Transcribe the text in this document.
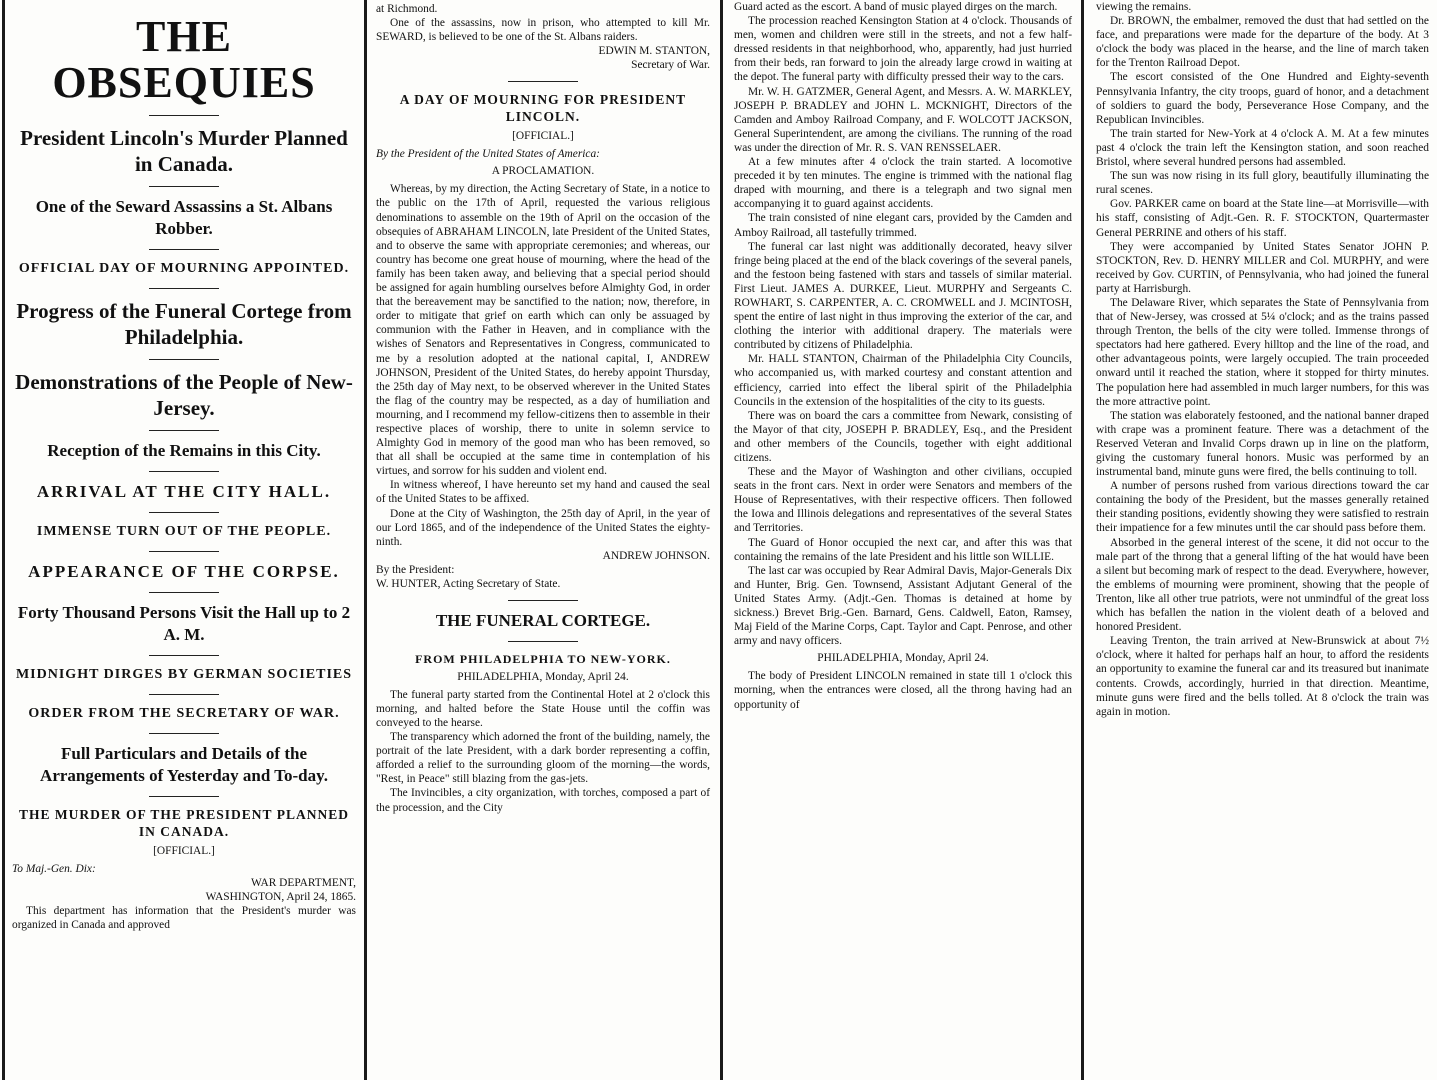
THE OBSEQUIES
President Lincoln's Murder Planned in Canada.
One of the Seward Assassins a St. Albans Robber.
OFFICIAL DAY OF MOURNING APPOINTED.
Progress of the Funeral Cortege from Philadelphia.
Demonstrations of the People of New-Jersey.
Reception of the Remains in this City.
ARRIVAL AT THE CITY HALL.
IMMENSE TURN OUT OF THE PEOPLE.
APPEARANCE OF THE CORPSE.
Forty Thousand Persons Visit the Hall up to 2 A. M.
MIDNIGHT DIRGES BY GERMAN SOCIETIES
ORDER FROM THE SECRETARY OF WAR.
Full Particulars and Details of the Arrangements of Yesterday and To-day.
THE MURDER OF THE PRESIDENT PLANNED IN CANADA.
[OFFICIAL.]

To Maj.-Gen. Dix:

WAR DEPARTMENT,

WASHINGTON, April 24, 1865.

This department has information that the President's murder was organized in Canada and approved

at Richmond.

One of the assassins, now in prison, who attempted to kill Mr. SEWARD, is believed to be one of the St. Albans raiders.

EDWIN M. STANTON,

Secretary of War.

A DAY OF MOURNING FOR PRESIDENT LINCOLN.
[OFFICIAL.]

By the President of the United States of America:

A PROCLAMATION.

Whereas, by my direction, the Acting Secretary of State, in a notice to the public on the 17th of April, requested the various religious denominations to assemble on the 19th of April on the occasion of the obsequies of ABRAHAM LINCOLN, late President of the United States, and to observe the same with appropriate ceremonies; and whereas, our country has become one great house of mourning, where the head of the family has been taken away, and believing that a special period should be assigned for again humbling ourselves before Almighty God, in order that the bereavement may be sanctified to the nation; now, therefore, in order to mitigate that grief on earth which can only be assuaged by communion with the Father in Heaven, and in compliance with the wishes of Senators and Representatives in Congress, communicated to me by a resolution adopted at the national capital, I, ANDREW JOHNSON, President of the United States, do hereby appoint Thursday, the 25th day of May next, to be observed wherever in the United States the flag of the country may be respected, as a day of humiliation and mourning, and I recommend my fellow-citizens then to assemble in their respective places of worship, there to unite in solemn service to Almighty God in memory of the good man who has been removed, so that all shall be occupied at the same time in contemplation of his virtues, and sorrow for his sudden and violent end.

In witness whereof, I have hereunto set my hand and caused the seal of the United States to be affixed.

Done at the City of Washington, the 25th day of April, in the year of our Lord 1865, and of the independence of the United States the eighty-ninth.

ANDREW JOHNSON.

By the President:

W. HUNTER, Acting Secretary of State.

THE FUNERAL CORTEGE.
FROM PHILADELPHIA TO NEW-YORK.
PHILADELPHIA, Monday, April 24.

The funeral party started from the Continental Hotel at 2 o'clock this morning, and halted before the State House until the coffin was conveyed to the hearse.

The transparency which adorned the front of the building, namely, the portrait of the late President, with a dark border representing a coffin, afforded a relief to the surrounding gloom of the morning—the words, "Rest, in Peace" still blazing from the gas-jets.

The Invincibles, a city organization, with torches, composed a part of the procession, and the City

Guard acted as the escort. A band of music played dirges on the march.

The procession reached Kensington Station at 4 o'clock. Thousands of men, women and children were still in the streets, and not a few half-dressed residents in that neighborhood, who, apparently, had just hurried from their beds, ran forward to join the already large crowd in waiting at the depot. The funeral party with difficulty pressed their way to the cars.

Mr. W. H. GATZMER, General Agent, and Messrs. A. W. MARKLEY, JOSEPH P. BRADLEY and JOHN L. MCKNIGHT, Directors of the Camden and Amboy Railroad Company, and F. WOLCOTT JACKSON, General Superintendent, are among the civilians. The running of the road was under the direction of Mr. R. S. VAN RENSSELAER.

At a few minutes after 4 o'clock the train started. A locomotive preceded it by ten minutes. The engine is trimmed with the national flag draped with mourning, and there is a telegraph and two signal men accompanying it to guard against accidents.

The train consisted of nine elegant cars, provided by the Camden and Amboy Railroad, all tastefully trimmed.

The funeral car last night was additionally decorated, heavy silver fringe being placed at the end of the black coverings of the several panels, and the festoon being fastened with stars and tassels of similar material. First Lieut. JAMES A. DURKEE, Lieut. MURPHY and Sergeants C. ROWHART, S. CARPENTER, A. C. CROMWELL and J. MCINTOSH, spent the entire of last night in thus improving the exterior of the car, and clothing the interior with additional drapery. The materials were contributed by citizens of Philadelphia.

Mr. HALL STANTON, Chairman of the Philadelphia City Councils, who accompanied us, with marked courtesy and constant attention and efficiency, carried into effect the liberal spirit of the Philadelphia Councils in the extension of the hospitalities of the city to its guests.

There was on board the cars a committee from Newark, consisting of the Mayor of that city, JOSEPH P. BRADLEY, Esq., and the President and other members of the Councils, together with eight additional citizens.

These and the Mayor of Washington and other civilians, occupied seats in the front cars. Next in order were Senators and members of the House of Representatives, with their respective officers. Then followed the Iowa and Illinois delegations and representatives of the several States and Territories.

The Guard of Honor occupied the next car, and after this was that containing the remains of the late President and his little son WILLIE.

The last car was occupied by Rear Admiral Davis, Major-Generals Dix and Hunter, Brig. Gen. Townsend, Assistant Adjutant General of the United States Army. (Adjt.-Gen. Thomas is detained at home by sickness.) Brevet Brig.-Gen. Barnard, Gens. Caldwell, Eaton, Ramsey, Maj Field of the Marine Corps, Capt. Taylor and Capt. Penrose, and other army and navy officers.

PHILADELPHIA, Monday, April 24.

The body of President LINCOLN remained in state till 1 o'clock this morning, when the entrances were closed, all the throng having had an opportunity of

viewing the remains.

Dr. BROWN, the embalmer, removed the dust that had settled on the face, and preparations were made for the departure of the body. At 3 o'clock the body was placed in the hearse, and the line of march taken for the Trenton Railroad Depot.

The escort consisted of the One Hundred and Eighty-seventh Pennsylvania Infantry, the city troops, guard of honor, and a detachment of soldiers to guard the body, Perseverance Hose Company, and the Republican Invincibles.

The train started for New-York at 4 o'clock A. M. At a few minutes past 4 o'clock the train left the Kensington station, and soon reached Bristol, where several hundred persons had assembled.

The sun was now rising in its full glory, beautifully illuminating the rural scenes.

Gov. PARKER came on board at the State line—at Morrisville—with his staff, consisting of Adjt.-Gen. R. F. STOCKTON, Quartermaster General PERRINE and others of his staff.

They were accompanied by United States Senator JOHN P. STOCKTON, Rev. D. HENRY MILLER and Col. MURPHY, and were received by Gov. CURTIN, of Pennsylvania, who had joined the funeral party at Harrisburgh.

The Delaware River, which separates the State of Pennsylvania from that of New-Jersey, was crossed at 5¼ o'clock; and as the trains passed through Trenton, the bells of the city were tolled. Immense throngs of spectators had here gathered. Every hilltop and the line of the road, and other advantageous points, were largely occupied. The train proceeded onward until it reached the station, where it stopped for thirty minutes. The population here had assembled in much larger numbers, for this was the more attractive point.

The station was elaborately festooned, and the national banner draped with crape was a prominent feature. There was a detachment of the Reserved Veteran and Invalid Corps drawn up in line on the platform, giving the customary funeral honors. Music was performed by an instrumental band, minute guns were fired, the bells continuing to toll.

A number of persons rushed from various directions toward the car containing the body of the President, but the masses generally retained their standing positions, evidently showing they were satisfied to restrain their impatience for a few minutes until the car should pass before them.

Absorbed in the general interest of the scene, it did not occur to the male part of the throng that a general lifting of the hat would have been a silent but becoming mark of respect to the dead. Everywhere, however, the emblems of mourning were prominent, showing that the people of Trenton, like all other true patriots, were not unmindful of the great loss which has befallen the nation in the violent death of a beloved and honored President.

Leaving Trenton, the train arrived at New-Brunswick at about 7½ o'clock, where it halted for perhaps half an hour, to afford the residents an opportunity to examine the funeral car and its treasured but inanimate contents. Crowds, accordingly, hurried in that direction. Meantime, minute guns were fired and the bells tolled. At 8 o'clock the train was again in motion.
